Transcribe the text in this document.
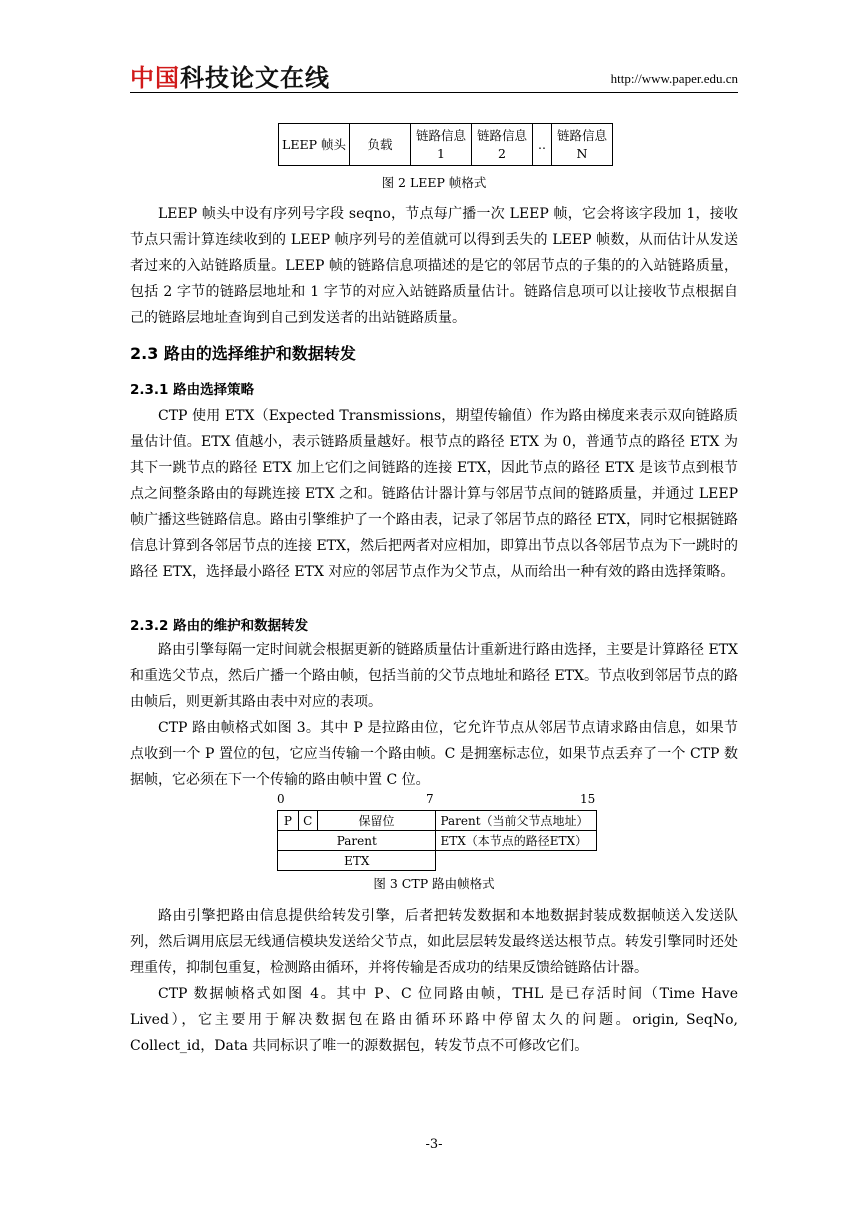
中国科技论文在线	http://www.paper.edu.cn
LEEP 帧头	负载	链路信息 1	链路信息 2	..	链路信息 N
图 2 LEEP 帧格式

LEEP 帧头中设有序列号字段 seqno，节点每广播一次 LEEP 帧，它会将该字段加 1，接收节点只需计算连续收到的 LEEP 帧序列号的差值就可以得到丢失的 LEEP 帧数，从而估计从发送者过来的入站链路质量。LEEP 帧的链路信息项描述的是它的邻居节点的子集的的入站链路质量，包括 2 字节的链路层地址和 1 字节的对应入站链路质量估计。链路信息项可以让接收节点根据自己的链路层地址查询到自己到发送者的出站链路质量。

2.3 路由的选择维护和数据转发
2.3.1 路由选择策略

CTP 使用 ETX（Expected Transmissions，期望传输值）作为路由梯度来表示双向链路质量估计值。ETX 值越小，表示链路质量越好。根节点的路径 ETX 为 0，普通节点的路径 ETX 为其下一跳节点的路径 ETX 加上它们之间链路的连接 ETX，因此节点的路径 ETX 是该节点到根节点之间整条路由的每跳连接 ETX 之和。链路估计器计算与邻居节点间的链路质量，并通过 LEEP 帧广播这些链路信息。路由引擎维护了一个路由表，记录了邻居节点的路径 ETX，同时它根据链路信息计算到各邻居节点的连接 ETX，然后把两者对应相加，即算出节点以各邻居节点为下一跳时的路径 ETX，选择最小路径 ETX 对应的邻居节点作为父节点，从而给出一种有效的路由选择策略。

2.3.2 路由的维护和数据转发

路由引擎每隔一定时间就会根据更新的链路质量估计重新进行路由选择，主要是计算路径 ETX 和重选父节点，然后广播一个路由帧，包括当前的父节点地址和路径 ETX。节点收到邻居节点的路由帧后，则更新其路由表中对应的表项。

CTP 路由帧格式如图 3。其中 P 是拉路由位，它允许节点从邻居节点请求路由信息，如果节点收到一个 P 置位的包，它应当传输一个路由帧。C 是拥塞标志位，如果节点丢弃了一个 CTP 数据帧，它必须在下一个传输的路由帧中置 C 位。

0	7	15
P	C	保留位	Parent（当前父节点地址）
Parent			ETX（本节点的路径ETX）
ETX			
图 3 CTP 路由帧格式

路由引擎把路由信息提供给转发引擎，后者把转发数据和本地数据封装成数据帧送入发送队列，然后调用底层无线通信模块发送给父节点，如此层层转发最终送达根节点。转发引擎同时还处理重传，抑制包重复，检测路由循环，并将传输是否成功的结果反馈给链路估计器。

CTP 数据帧格式如图 4。其中 P、C 位同路由帧，THL 是已存活时间（Time Have Lived），它主要用于解决数据包在路由循环环路中停留太久的问题。origin, SeqNo, Collect_id，Data 共同标识了唯一的源数据包，转发节点不可修改它们。

-3-
